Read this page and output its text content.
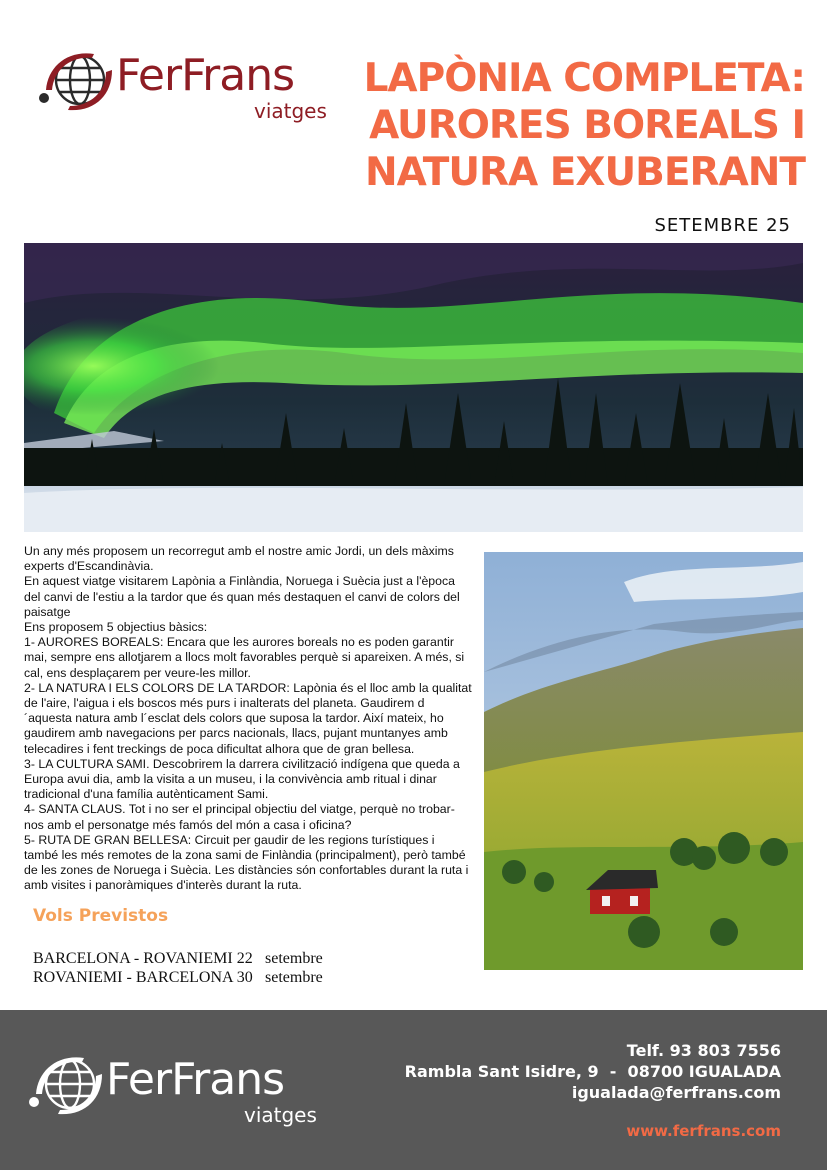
FerFrans
viatges
LAPÒNIA COMPLETA:
AURORES BOREALS I
NATURA EXUBERANT
SETEMBRE 25

Un any més proposem un recorregut amb el nostre amic Jordi, un dels màxims experts d'Escandinàvia.

En aquest viatge visitarem Lapònia a Finlàndia, Noruega i Suècia just a l'època del canvi de l'estiu a la tardor que és quan més destaquen el canvi de colors del paisatge

Ens proposem 5 objectius bàsics:

1- AURORES BOREALS: Encara que les aurores boreals no es poden garantir mai, sempre ens allotjarem a llocs molt favorables perquè si apareixen. A més, si cal, ens desplaçarem per veure-les millor.

2- LA NATURA I ELS COLORS DE LA TARDOR: Lapònia és el lloc amb la qualitat de l'aire, l'aigua i els boscos més purs i inalterats del planeta. Gaudirem d´aquesta natura amb l´esclat dels colors que suposa la tardor. Així mateix, ho gaudirem amb navegacions per parcs nacionals, llacs, pujant muntanyes amb telecadires i fent treckings de poca dificultat alhora que de gran bellesa.

3- LA CULTURA SAMI. Descobrirem la darrera civilització indígena que queda a Europa avui dia, amb la visita a un museu, i la convivència amb ritual i dinar tradicional d'una família autènticament Sami.

4- SANTA CLAUS. Tot i no ser el principal objectiu del viatge, perquè no trobar-nos amb el personatge més famós del món a casa i oficina?

5- RUTA DE GRAN BELLESA: Circuit per gaudir de les regions turístiques i també les més remotes de la zona sami de Finlàndia (principalment), però també de les zones de Noruega i Suècia. Les distàncies són confortables durant la ruta i amb visites i panoràmiques d'interès durant la ruta.

Vols Previstos
BARCELONA - ROVANIEMI 22 setembre
ROVANIEMI - BARCELONA 30 setembre
FerFrans
viatges
Telf. 93 803 7556
Rambla Sant Isidre, 9  -  08700 IGUALADA
igualada@ferfrans.com
www.ferfrans.com
